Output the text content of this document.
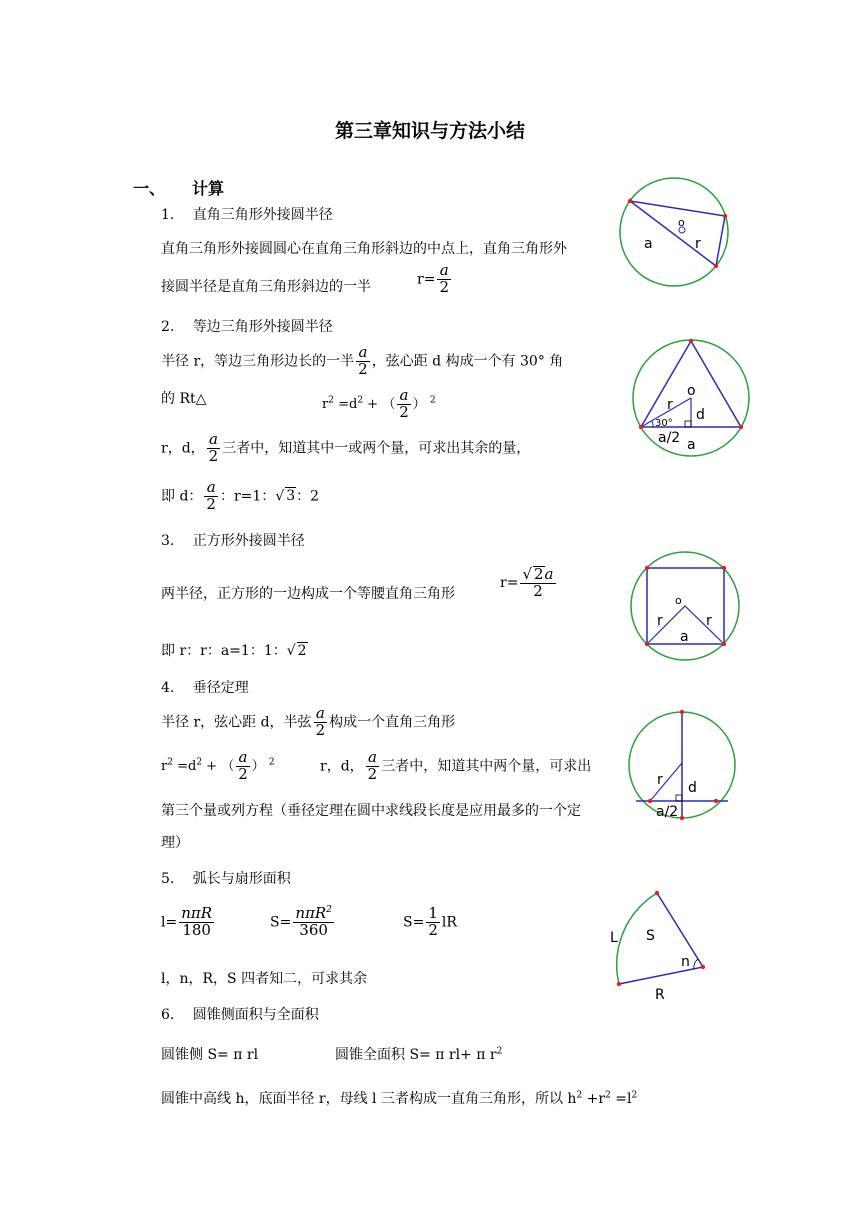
第三章知识与方法小结
一、 计算
1.　 直角三角形外接圆半径
直角三角形外接圆圆心在直角三角形斜边的中点上，直角三角形外
接圆半径是直角三角形斜边的一半	$r= \frac{a}{2}$
2.　 等边三角形外接圆半径
半径 r，等边三角形边长的一半 $\frac{a}{2}$ ，弦心距 d 构成一个有 30° 角
的 Rt△	$r^2 =d^2$ + （ $\frac{a}{2}$ ） $^2$
r，d， $\frac{a}{2}$ 三者中，知道其中一或两个量，可求出其余的量，
即 d： $\frac{a}{2}$ ：r=1：√ 3：2
3.　 正方形外接圆半径
两半径，正方形的一边构成一个等腰直角三角形
$r= \frac{√ 2a}{2}$
即 r：r：a=1：1：√ 2
4.　 垂径定理
半径 r，弦心距 d，半弦 $\frac{a}{2}$ 构成一个直角三角形
$r^2 =d^2$ + （ $\frac{a}{2}$ ） $^2$	r，d， $\frac{a}{2}$ 三者中，知道其中两个量，可求出
第三个量或列方程（垂径定理在圆中求线段长度是应用最多的一个定
理）
5.　 弧长与扇形面积
$l= \frac{\text{nπR}}{180}$	$S= \frac{n\pi R^2}{360}$	$S= \frac{1}{2}$ lR
l，n，R，S 四者知二，可求其余
6.　 圆锥侧面积与全面积
圆锥侧 S= π rl	圆锥全面积 S= π rl+ π $r^2$
圆锥中高线 h，底面半径 r，母线 l 三者构成一直角三角形，所以 $h^2 +r^2 =l^2$
a
o
r
o
r
d
30°
a/2 a
o
r	r
a
r d
a/2
L S
n
R
